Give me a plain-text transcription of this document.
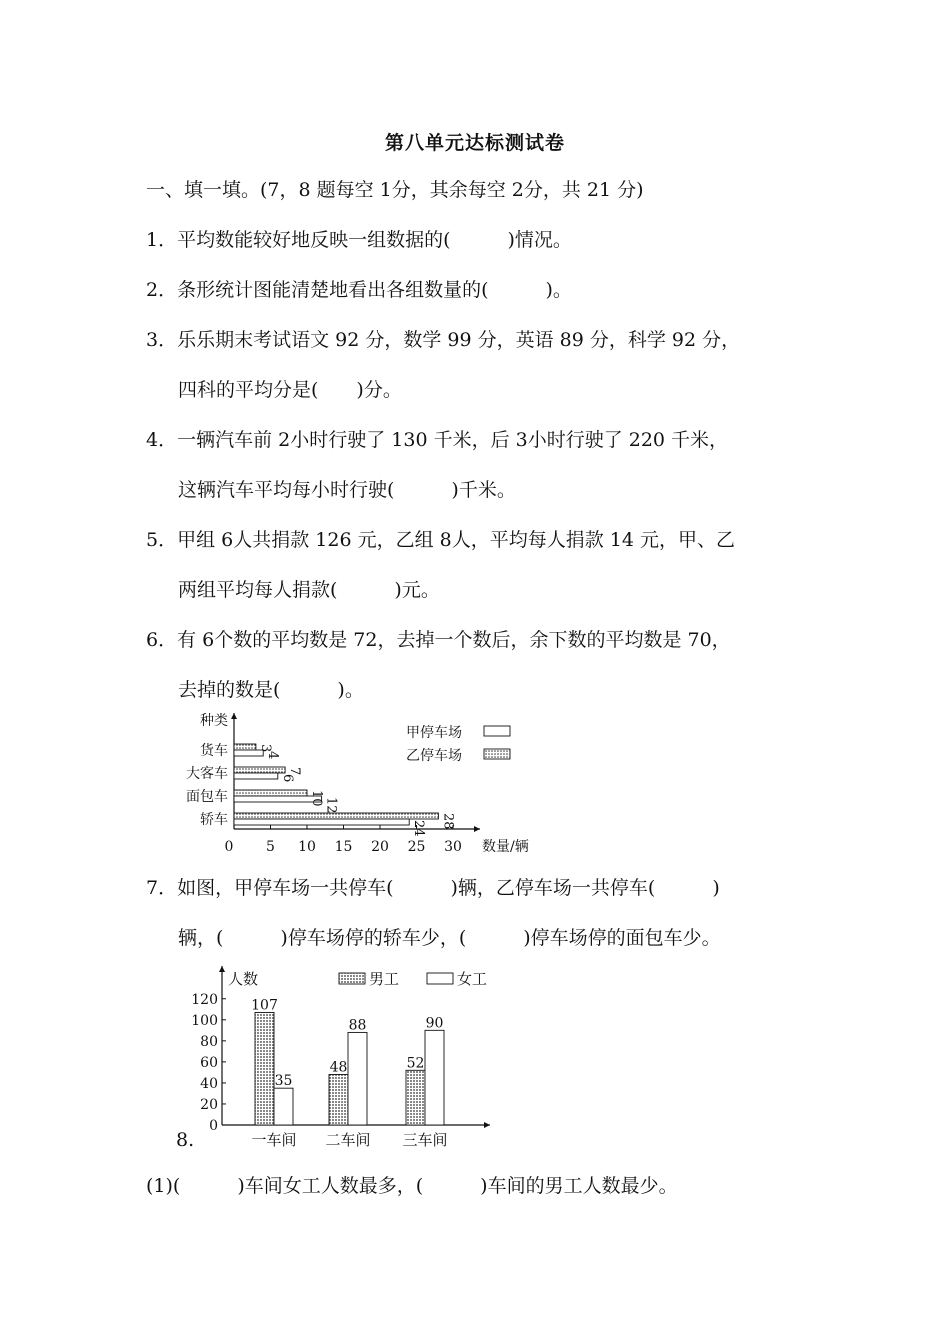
第八单元达标测试卷
一、填一填。(7，8 题每空 1分，其余每空 2分，共 21 分)
1．平均数能较好地反映一组数据的(　　　)情况。
2．条形统计图能清楚地看出各组数量的(　　　)。
3．乐乐期末考试语文 92 分，数学 99 分，英语 89 分，科学 92 分，
四科的平均分是(　　)分。
4．一辆汽车前 2小时行驶了 130 千米，后 3小时行驶了 220 千米，
这辆汽车平均每小时行驶(　　　)千米。
5．甲组 6人共捐款 126 元，乙组 8人，平均每人捐款 14 元，甲、乙
两组平均每人捐款(　　　)元。
6．有 6个数的平均数是 72，去掉一个数后，余下数的平均数是 70，
去掉的数是(　　　)。
种类
数量/辆
0 5 10 15 20 25 30
货车 3
4
大客车	7
6
面包车	10 12
轿车	28
24
甲停车场
乙停车场
7．如图，甲停车场一共停车(　　　)辆，乙停车场一共停车(　　　)
辆，(　　　)停车场停的轿车少，(　　　)停车场停的面包车少。
人数
0
20
40
60
80
100
120 107
35
一车间
48
88
二车间
52
90
三车间
男工	女工
8.
(1)(　　　)车间女工人数最多，(　　　)车间的男工人数最少。
